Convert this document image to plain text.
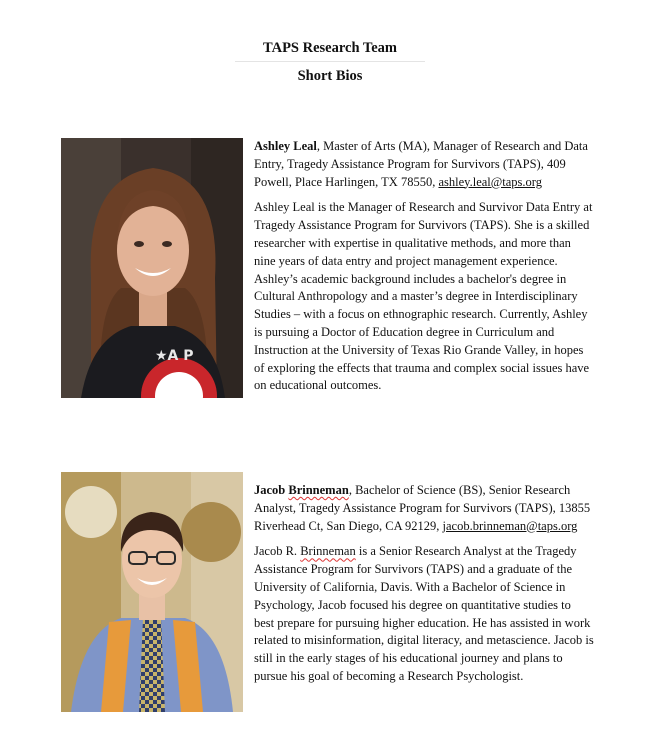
TAPS Research Team
Short Bios
★A P

Ashley Leal, Master of Arts (MA), Manager of Research and Data Entry, Tragedy Assistance Program for Survivors (TAPS), 409 Powell, Place Harlingen, TX 78550, ashley.leal@taps.org

Ashley Leal is the Manager of Research and Survivor Data Entry at Tragedy Assistance Program for Survivors (TAPS). She is a skilled researcher with expertise in qualitative methods, and more than nine years of data entry and project management experience. Ashley’s academic background includes a bachelor's degree in Cultural Anthropology and a master’s degree in Interdisciplinary Studies – with a focus on ethnographic research. Currently, Ashley is pursuing a Doctor of Education degree in Curriculum and Instruction at the University of Texas Rio Grande Valley, in hopes of exploring the effects that trauma and complex social issues have on educational outcomes.

Jacob Brinneman, Bachelor of Science (BS), Senior Research Analyst, Tragedy Assistance Program for Survivors (TAPS), 13855 Riverhead Ct, San Diego, CA 92129, jacob.brinneman@taps.org

Jacob R. Brinneman is a Senior Research Analyst at the Tragedy Assistance Program for Survivors (TAPS) and a graduate of the University of California, Davis. With a Bachelor of Science in Psychology, Jacob focused his degree on quantitative studies to best prepare for pursuing higher education. He has assisted in work related to misinformation, digital literacy, and metascience. Jacob is still in the early stages of his educational journey and plans to pursue his goal of becoming a Research Psychologist.
